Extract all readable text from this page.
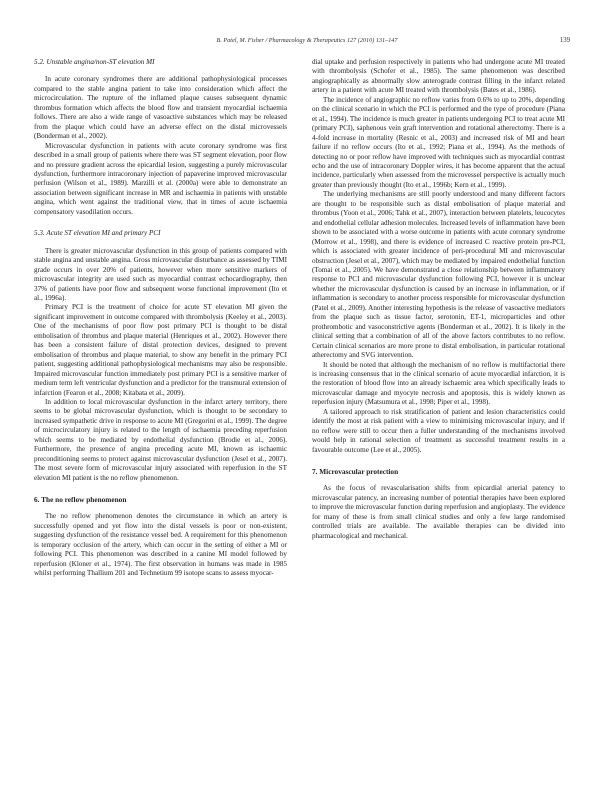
B. Patel, M. Fisher / Pharmacology & Therapeutics 127 (2010) 131–147	139
5.2. Unstable angina/non-ST elevation MI

In acute coronary syndromes there are additional pathophysiological processes compared to the stable angina patient to take into consideration which affect the microcirculation. The rupture of the inflamed plaque causes subsequent dynamic thrombus formation which affects the blood flow and transient myocardial ischaemia follows. There are also a wide range of vasoactive substances which may be released from the plaque which could have an adverse effect on the distal microvessels (Bonderman et al., 2002).

Microvascular dysfunction in patients with acute coronary syndrome was first described in a small group of patients where there was ST segment elevation, poor flow and no pressure gradient across the epicardial lesion, suggesting a purely microvascular dysfunction, furthermore intracoronary injection of papaverine improved microvascular perfusion (Wilson et al., 1989). Marzilli et al. (2000a) were able to demonstrate an association between significant increase in MR and ischaemia in patients with unstable angina, which went against the traditional view, that in times of acute ischaemia compensatory vasodilation occurs.

5.3. Acute ST elevation MI and primary PCI

There is greater microvascular dysfunction in this group of patients compared with stable angina and unstable angina. Gross microvascular disturbance as assessed by TIMI grade occurs in over 20% of patients, however when more sensitive markers of microvascular integrity are used such as myocardial contrast echocardiography, then 37% of patients have poor flow and subsequent worse functional improvement (Ito et al., 1996a).

Primary PCI is the treatment of choice for acute ST elevation MI given the significant improvement in outcome compared with thrombolysis (Keeley et al., 2003). One of the mechanisms of poor flow post primary PCI is thought to be distal embolisation of thrombus and plaque material (Henriques et al., 2002). However there has been a consistent failure of distal protection devices, designed to prevent embolisation of thrombus and plaque material, to show any benefit in the primary PCI patient, suggesting additional pathophysiological mechanisms may also be responsible. Impaired microvascular function immediately post primary PCI is a sensitive marker of medium term left ventricular dysfunction and a predictor for the transmural extension of infarction (Fearon et al., 2008; Kitabata et al., 2009).

In addition to local microvascular dysfunction in the infarct artery territory, there seems to be global microvascular dysfunction, which is thought to be secondary to increased sympathetic drive in response to acute MI (Gregorini et al., 1999). The degree of microcirculatory injury is related to the length of ischaemia preceding reperfusion which seems to be mediated by endothelial dysfunction (Brodie et al., 2006). Furthermore, the presence of angina preceding acute MI, known as ischaemic preconditioning seems to protect against microvascular dysfunction (Jesel et al., 2007). The most severe form of microvascular injury associated with reperfusion in the ST elevation MI patient is the no reflow phenomenon.

6. The no reflow phenomenon

The no reflow phenomenon denotes the circumstance in which an artery is successfully opened and yet flow into the distal vessels is poor or non-existent, suggesting dysfunction of the resistance vessel bed. A requirement for this phenomenon is temporary occlusion of the artery, which can occur in the setting of either a MI or following PCI. This phenomenon was described in a canine MI model followed by reperfusion (Kloner et al., 1974). The first observation in humans was made in 1985 whilst performing Thallium 201 and Technetium 99 isotope scans to assess myocar-

dial uptake and perfusion respectively in patients who had undergone acute MI treated with thrombolysis (Schofer et al., 1985). The same phenomenon was described angiographically as abnormally slow anterograde contrast filling in the infarct related artery in a patient with acute MI treated with thrombolysis (Bates et al., 1986).

The incidence of angiographic no reflow varies from 0.6% to up to 20%, depending on the clinical scenario in which the PCI is performed and the type of procedure (Piana et al., 1994). The incidence is much greater in patients undergoing PCI to treat acute MI (primary PCI), saphenous vein graft intervention and rotational atherectomy. There is a 4-fold increase in mortality (Resnic et al., 2003) and increased risk of MI and heart failure if no reflow occurs (Ito et al., 1992; Piana et al., 1994). As the methods of detecting no or poor reflow have improved with techniques such as myocardial contrast echo and the use of intracoronary Doppler wires, it has become apparent that the actual incidence, particularly when assessed from the microvessel perspective is actually much greater than previously thought (Ito et al., 1996b; Kern et al., 1999).

The underlying mechanisms are still poorly understood and many different factors are thought to be responsible such as distal embolisation of plaque material and thrombus (Yoon et al., 2006; Tahk et al., 2007), interaction between platelets, leucocytes and endothelial cellular adhesion molecules. Increased levels of inflammation have been shown to be associated with a worse outcome in patients with acute coronary syndrome (Morrow et al., 1998), and there is evidence of increased C reactive protein pre-PCI, which is associated with greater incidence of peri-procedural MI and microvascular obstruction (Jesel et al., 2007), which may be mediated by impaired endothelial function (Tomai et al., 2005). We have demonstrated a close relationship between inflammatory response to PCI and microvascular dysfunction following PCI, however it is unclear whether the microvascular dysfunction is caused by an increase in inflammation, or if inflammation is secondary to another process responsible for microvascular dysfunction (Patel et al., 2009). Another interesting hypothesis is the release of vasoactive mediators from the plaque such as tissue factor, serotonin, ET-1, microparticles and other prothrombotic and vasoconstrictive agents (Bonderman et al., 2002). It is likely in the clinical setting that a combination of all of the above factors contributes to no reflow. Certain clinical scenarios are more prone to distal embolisation, in particular rotational atherectomy and SVG intervention.

It should be noted that although the mechanism of no reflow is multifactorial there is increasing consensus that in the clinical scenario of acute myocardial infarction, it is the restoration of blood flow into an already ischaemic area which specifically leads to microvascular damage and myocyte necrosis and apoptosis, this is widely known as reperfusion injury (Matsumura et al., 1998; Piper et al., 1998).

A tailored approach to risk stratification of patient and lesion characteristics could identify the most at risk patient with a view to minimising microvascular injury, and if no reflow were still to occur then a fuller understanding of the mechanisms involved would help in rational selection of treatment as successful treatment results in a favourable outcome (Lee et al., 2005).

7. Microvascular protection

As the focus of revascularisation shifts from epicardial arterial patency to microvascular patency, an increasing number of potential therapies have been explored to improve the microvascular function during reperfusion and angioplasty. The evidence for many of these is from small clinical studies and only a few large randomised controlled trials are available. The available therapies can be divided into pharmacological and mechanical.
